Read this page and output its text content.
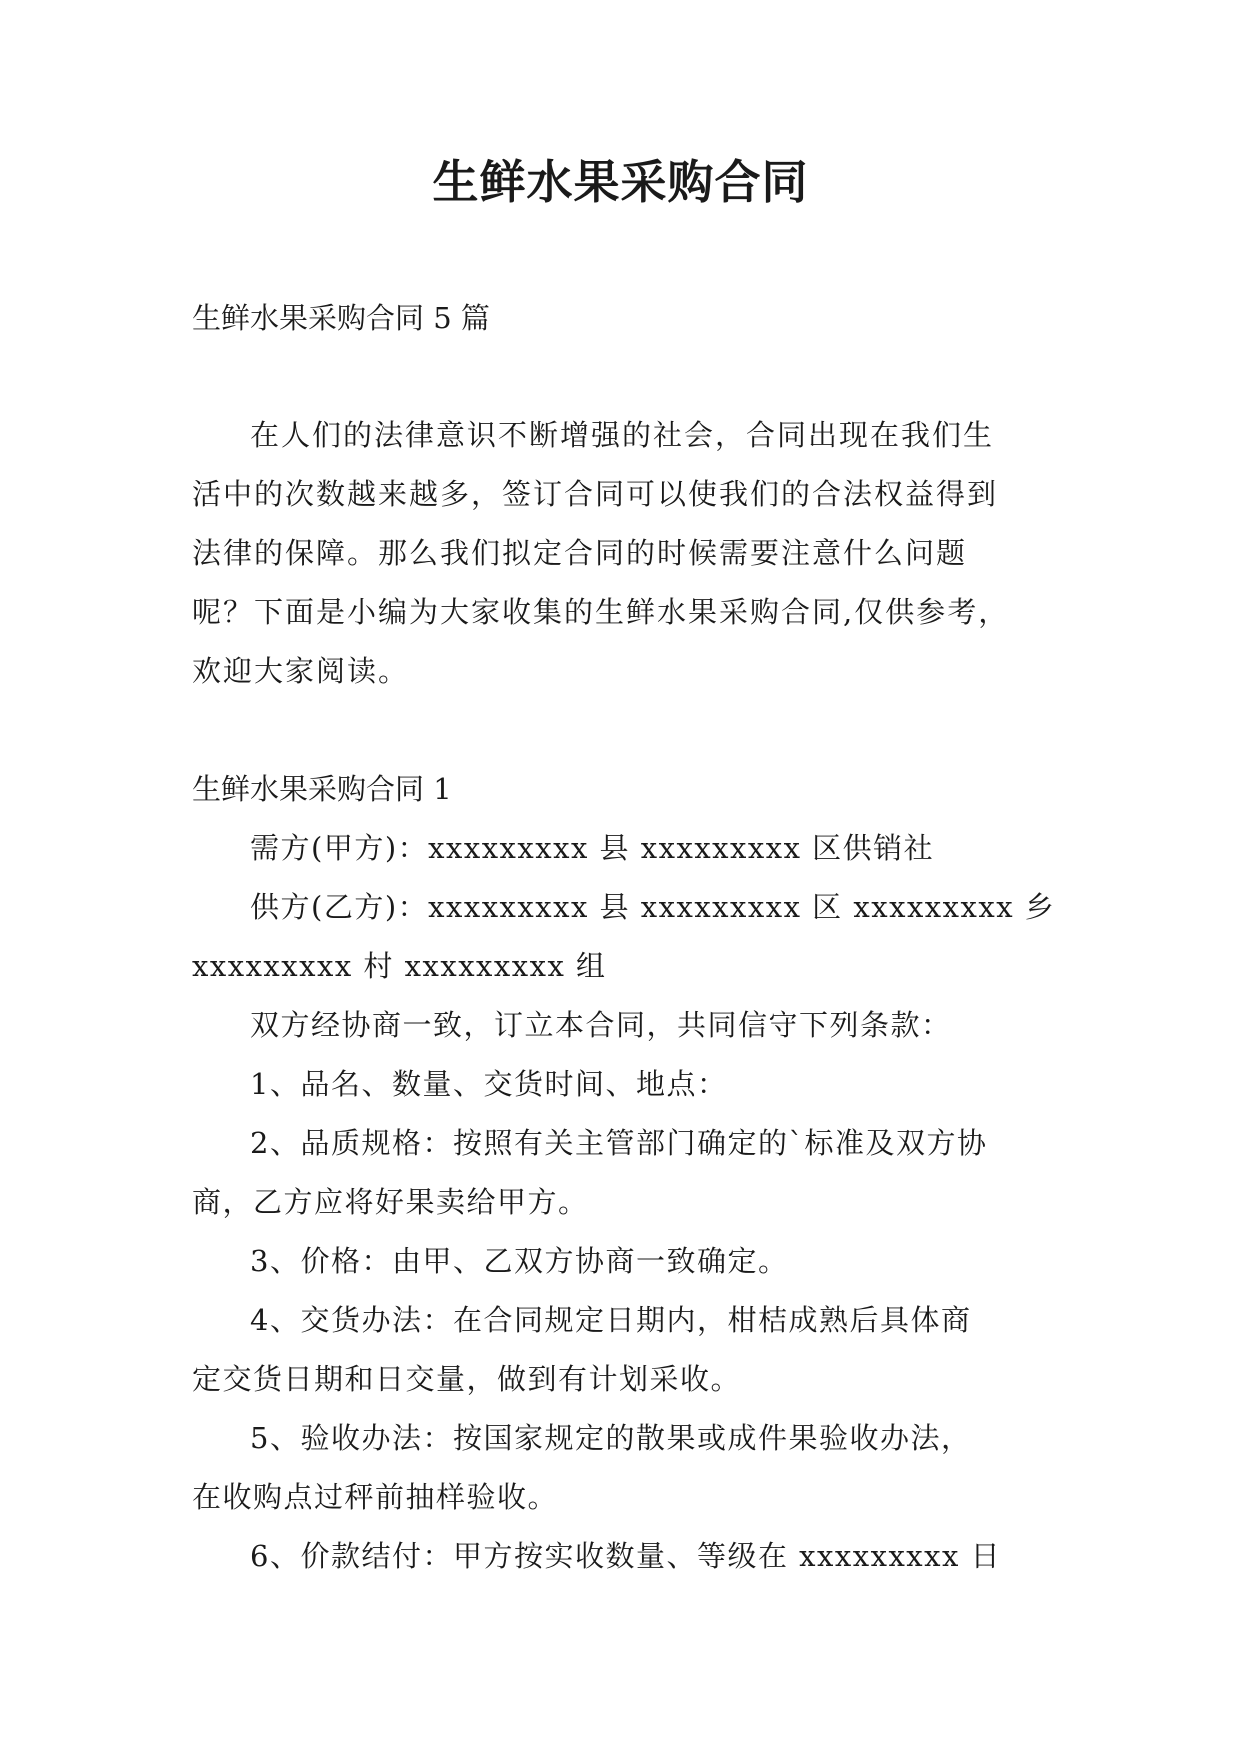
生鲜水果采购合同
生鲜水果采购合同 5 篇
在人们的法律意识不断增强的社会，合同出现在我们生
活中的次数越来越多，签订合同可以使我们的合法权益得到
法律的保障。那么我们拟定合同的时候需要注意什么问题
呢？下面是小编为大家收集的生鲜水果采购合同,仅供参考，
欢迎大家阅读。
生鲜水果采购合同 1
需方(甲方)：xxxxxxxxx 县 xxxxxxxxx 区供销社
供方(乙方)：xxxxxxxxx 县 xxxxxxxxx 区 xxxxxxxxx 乡
xxxxxxxxx 村 xxxxxxxxx 组
双方经协商一致，订立本合同，共同信守下列条款：
1、品名、数量、交货时间、地点：
2、品质规格：按照有关主管部门确定的`标准及双方协
商，乙方应将好果卖给甲方。
3、价格：由甲、乙双方协商一致确定。
4、交货办法：在合同规定日期内，柑桔成熟后具体商
定交货日期和日交量，做到有计划采收。
5、验收办法：按国家规定的散果或成件果验收办法，
在收购点过秤前抽样验收。
6、价款结付：甲方按实收数量、等级在 xxxxxxxxx 日
